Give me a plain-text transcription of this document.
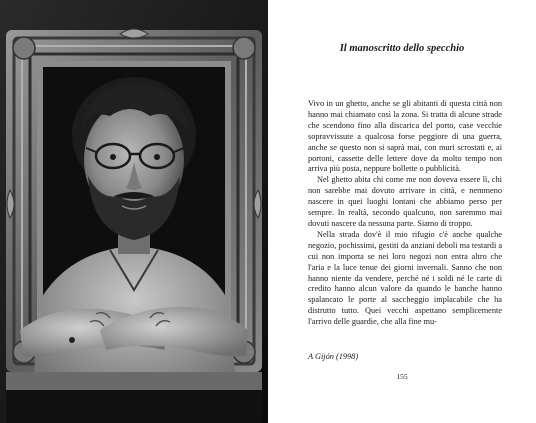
Il manoscritto dello specchio

Vivo in un ghetto, anche se gli abitanti di questa città non hanno mai chiamato così la zona. Si tratta di alcune strade che scendono fino alla discarica del porto, case vecchie sopravvissute a qualcosa forse peggiore di una guerra, anche se questo non si saprà mai, con muri scrostati e, ai portoni, cassette delle lettere dove da molto tempo non arriva più posta, neppure bollette o pubblicità.

Nel ghetto abita chi come me non doveva essere lì, chi non sarebbe mai dovuto arrivare in città, e nemmeno nascere in quei luoghi lontani che abbiamo perso per sempre. In realtà, secondo qualcuno, non saremmo mai dovuti nascere da nessuna parte. Siamo di troppo.

Nella strada dov'è il mio rifugio c'è anche qualche negozio, pochissimi, gestiti da anziani deboli ma testardi a cui non importa se nei loro negozi non entra altro che l'aria e la luce tenue dei giorni invernali. Sanno che non hanno niente da vendere, perché né i soldi né le carte di credito hanno alcun valore da quando le banche hanno spalancato le porte al saccheggio implacabile che ha distrutto tutto. Quei vecchi aspettano semplicemente l'arrivo delle guardie, che alla fine mu-

A Gijón (1998)
155
